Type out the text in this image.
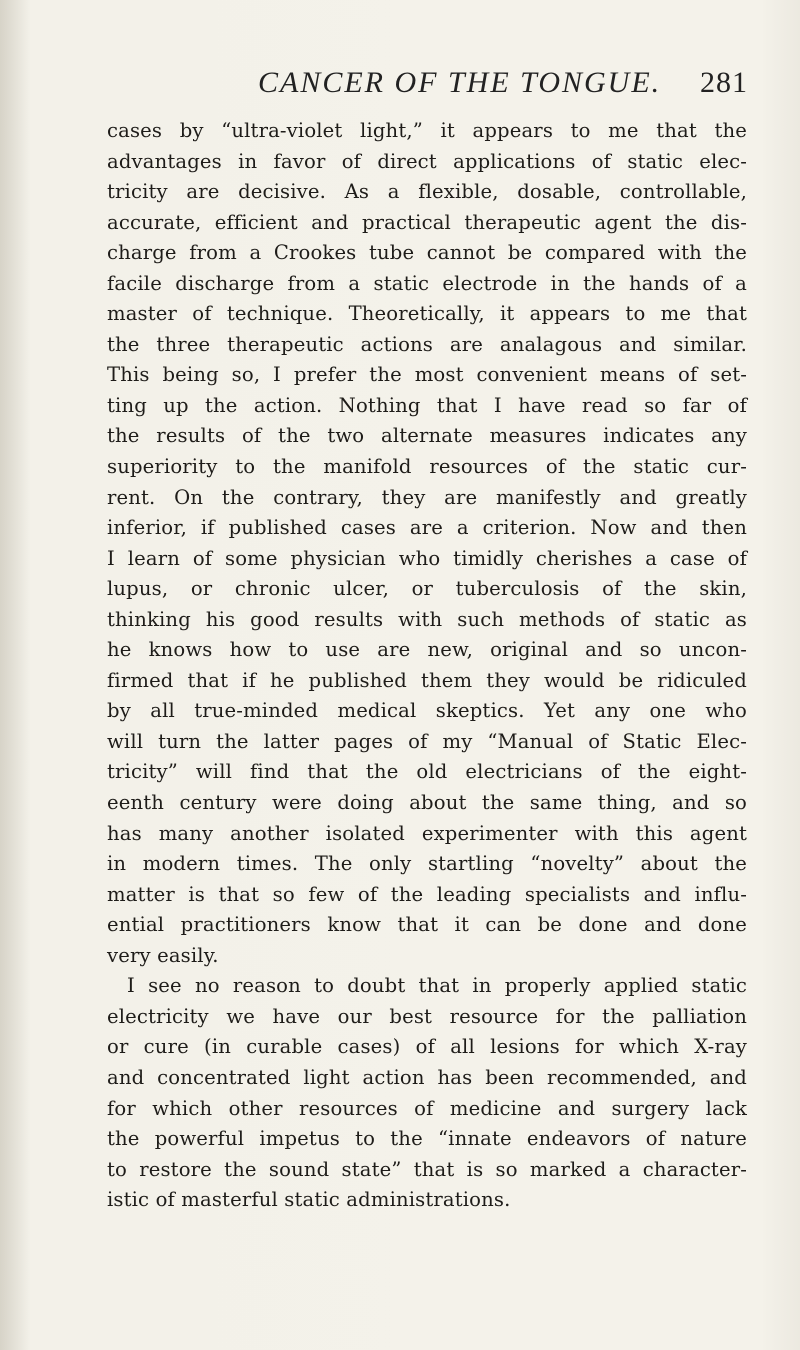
CANCER OF THE TONGUE. 281
cases by “ultra-violet light,” it appears to me that the
advantages in favor of direct applications of static elec-
tricity are decisive. As a flexible, dosable, controllable,
accurate, efficient and practical therapeutic agent the dis-
charge from a Crookes tube cannot be compared with the
facile discharge from a static electrode in the hands of a
master of technique. Theoretically, it appears to me that
the three therapeutic actions are analagous and similar.
This being so, I prefer the most convenient means of set-
ting up the action. Nothing that I have read so far of
the results of the two alternate measures indicates any
superiority to the manifold resources of the static cur-
rent. On the contrary, they are manifestly and greatly
inferior, if published cases are a criterion. Now and then
I learn of some physician who timidly cherishes a case of
lupus, or chronic ulcer, or tuberculosis of the skin,
thinking his good results with such methods of static as
he knows how to use are new, original and so uncon-
firmed that if he published them they would be ridiculed
by all true-minded medical skeptics. Yet any one who
will turn the latter pages of my “Manual of Static Elec-
tricity” will find that the old electricians of the eight-
eenth century were doing about the same thing, and so
has many another isolated experimenter with this agent
in modern times. The only startling “novelty” about the
matter is that so few of the leading specialists and influ-
ential practitioners know that it can be done and done
very easily.
I see no reason to doubt that in properly applied static
electricity we have our best resource for the palliation
or cure (in curable cases) of all lesions for which X-ray
and concentrated light action has been recommended, and
for which other resources of medicine and surgery lack
the powerful impetus to the “innate endeavors of nature
to restore the sound state” that is so marked a character-
istic of masterful static administrations.
